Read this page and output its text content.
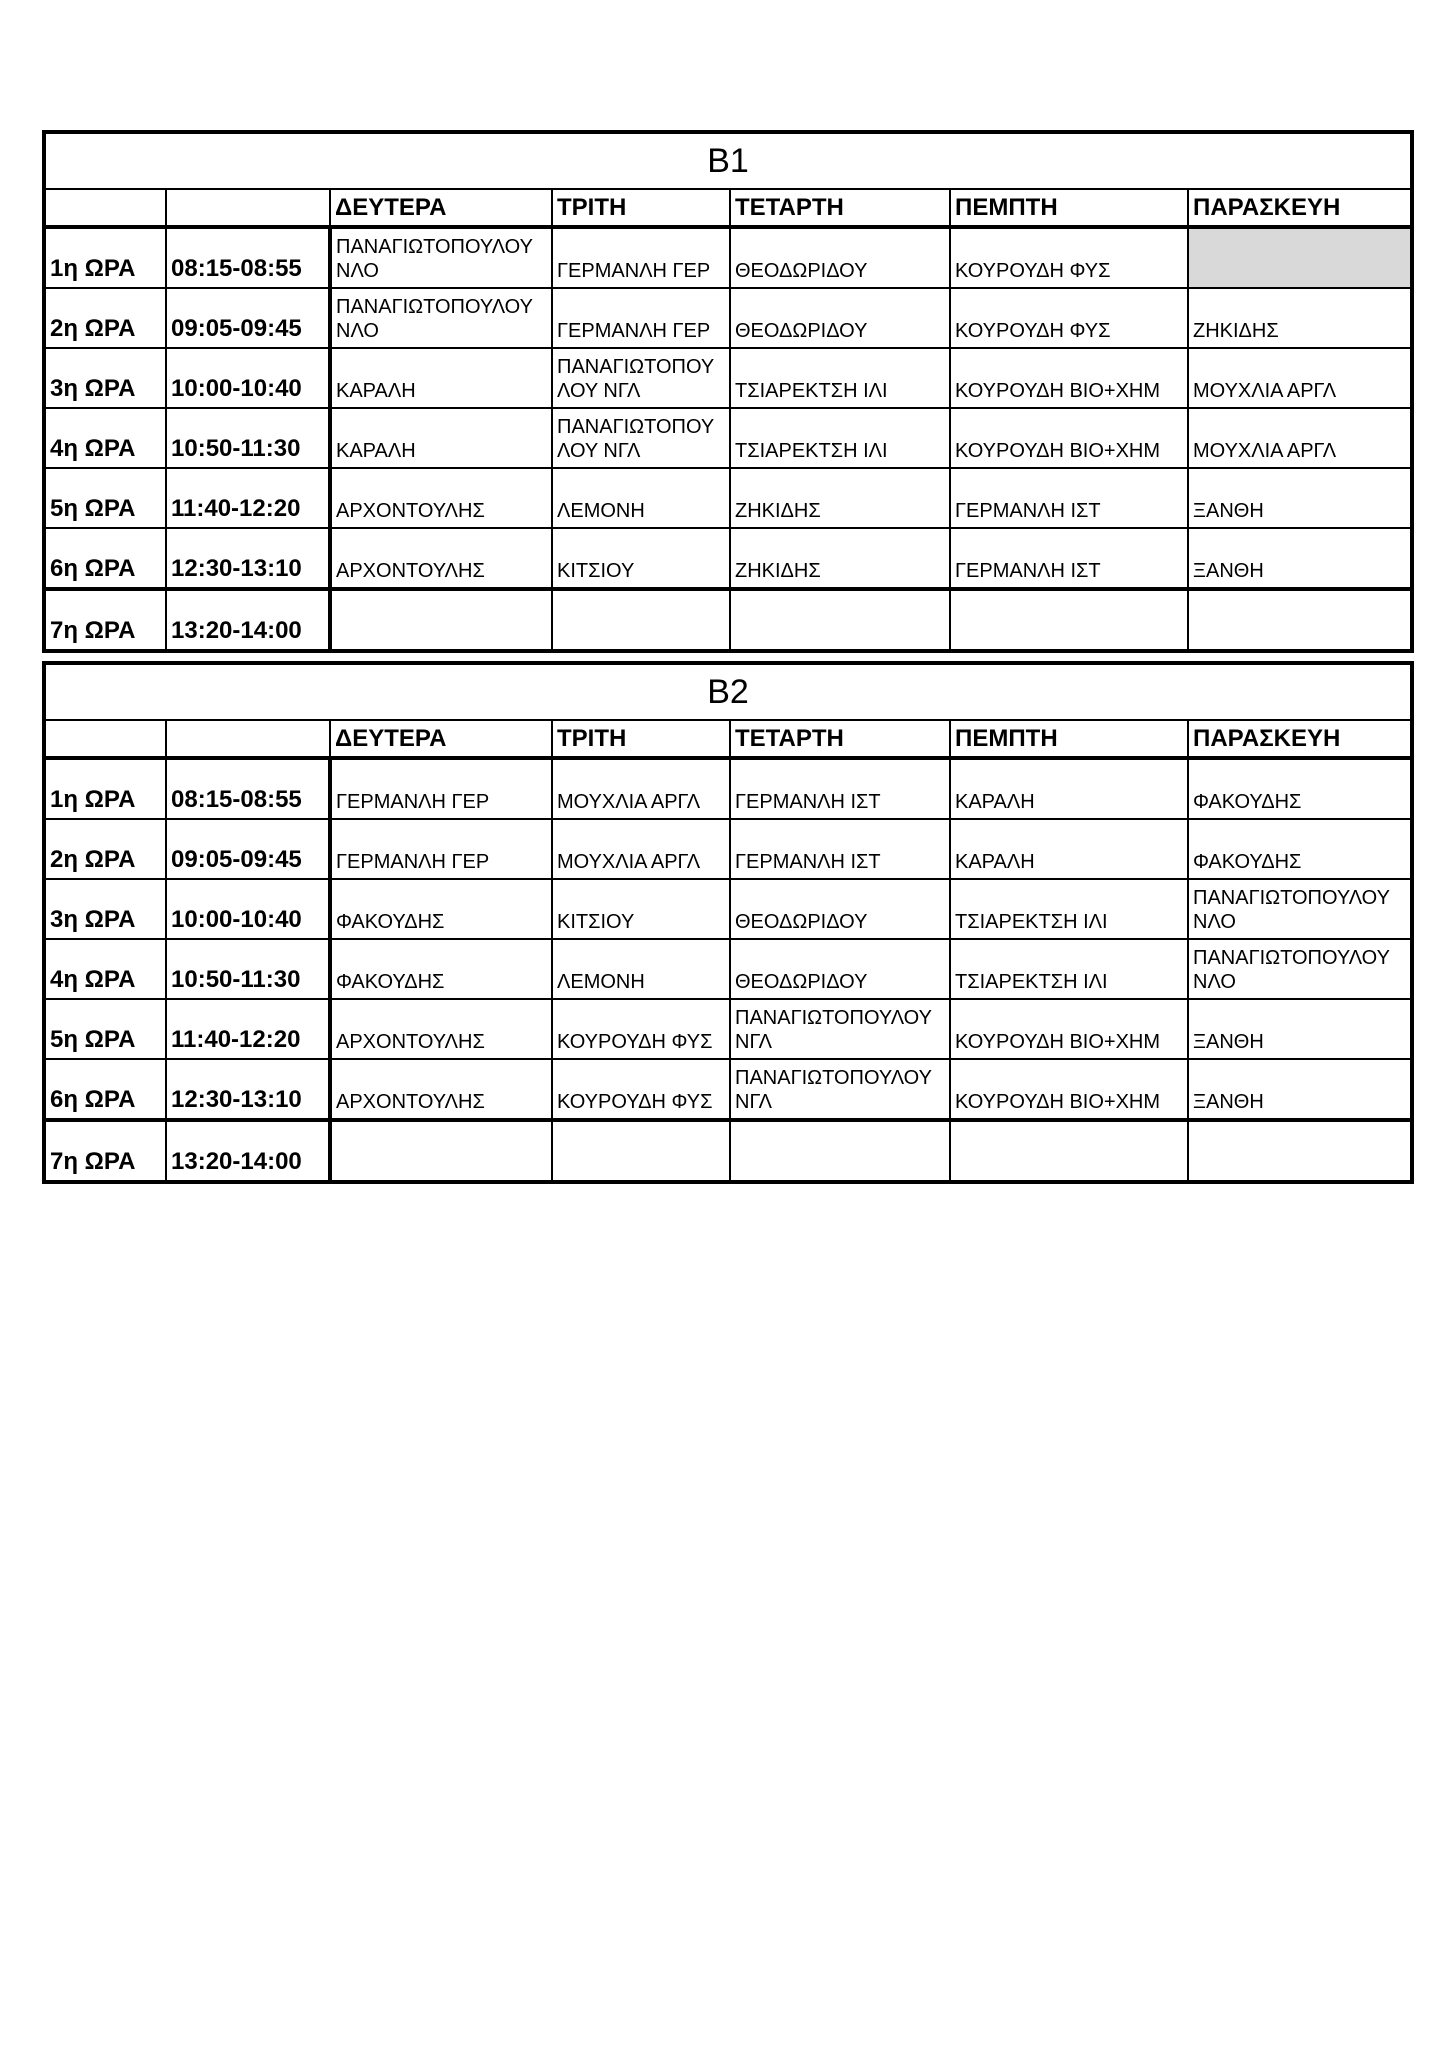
Β1						
		ΔΕΥΤΕΡΑ	ΤΡΙΤΗ	ΤΕΤΑΡΤΗ	ΠΕΜΠΤΗ	ΠΑΡΑΣΚΕΥΗ
1η ΩΡΑ	08:15-08:55	ΠΑΝΑΓΙΩΤΟΠΟΥΛΟΥ ΝΛΟ	ΓΕΡΜΑΝΛΗ ΓΕΡ	ΘΕΟΔΩΡΙΔΟΥ	ΚΟΥΡΟΥΔΗ ΦΥΣ	
2η ΩΡΑ	09:05-09:45	ΠΑΝΑΓΙΩΤΟΠΟΥΛΟΥ ΝΛΟ	ΓΕΡΜΑΝΛΗ ΓΕΡ	ΘΕΟΔΩΡΙΔΟΥ	ΚΟΥΡΟΥΔΗ ΦΥΣ	ΖΗΚΙΔΗΣ
3η ΩΡΑ	10:00-10:40	ΚΑΡΑΛΗ	ΠΑΝΑΓΙΩΤΟΠΟΥ ΛΟΥ ΝΓΛ	ΤΣΙΑΡΕΚΤΣΗ ΙΛΙ	ΚΟΥΡΟΥΔΗ ΒΙΟ+ΧΗΜ	ΜΟΥΧΛΙΑ ΑΡΓΛ
4η ΩΡΑ	10:50-11:30	ΚΑΡΑΛΗ	ΠΑΝΑΓΙΩΤΟΠΟΥ ΛΟΥ ΝΓΛ	ΤΣΙΑΡΕΚΤΣΗ ΙΛΙ	ΚΟΥΡΟΥΔΗ ΒΙΟ+ΧΗΜ	ΜΟΥΧΛΙΑ ΑΡΓΛ
5η ΩΡΑ	11:40-12:20	ΑΡΧΟΝΤΟΥΛΗΣ	ΛΕΜΟΝΗ	ΖΗΚΙΔΗΣ	ΓΕΡΜΑΝΛΗ ΙΣΤ	ΞΑΝΘΗ
6η ΩΡΑ	12:30-13:10	ΑΡΧΟΝΤΟΥΛΗΣ	ΚΙΤΣΙΟΥ	ΖΗΚΙΔΗΣ	ΓΕΡΜΑΝΛΗ ΙΣΤ	ΞΑΝΘΗ
7η ΩΡΑ	13:20-14:00					
Β2						
		ΔΕΥΤΕΡΑ	ΤΡΙΤΗ	ΤΕΤΑΡΤΗ	ΠΕΜΠΤΗ	ΠΑΡΑΣΚΕΥΗ
1η ΩΡΑ	08:15-08:55	ΓΕΡΜΑΝΛΗ ΓΕΡ	ΜΟΥΧΛΙΑ ΑΡΓΛ	ΓΕΡΜΑΝΛΗ ΙΣΤ	ΚΑΡΑΛΗ	ΦΑΚΟΥΔΗΣ
2η ΩΡΑ	09:05-09:45	ΓΕΡΜΑΝΛΗ ΓΕΡ	ΜΟΥΧΛΙΑ ΑΡΓΛ	ΓΕΡΜΑΝΛΗ ΙΣΤ	ΚΑΡΑΛΗ	ΦΑΚΟΥΔΗΣ
3η ΩΡΑ	10:00-10:40	ΦΑΚΟΥΔΗΣ	ΚΙΤΣΙΟΥ	ΘΕΟΔΩΡΙΔΟΥ	ΤΣΙΑΡΕΚΤΣΗ ΙΛΙ	ΠΑΝΑΓΙΩΤΟΠΟΥΛΟΥ ΝΛΟ

4η ΩΡΑ	10:50-11:30	ΦΑΚΟΥΔΗΣ	ΛΕΜΟΝΗ	ΘΕΟΔΩΡΙΔΟΥ	ΤΣΙΑΡΕΚΤΣΗ ΙΛΙ	ΠΑΝΑΓΙΩΤΟΠΟΥΛΟΥ ΝΛΟ

5η ΩΡΑ	11:40-12:20	ΑΡΧΟΝΤΟΥΛΗΣ	ΚΟΥΡΟΥΔΗ ΦΥΣ	ΠΑΝΑΓΙΩΤΟΠΟΥΛΟΥ ΝΓΛ	ΚΟΥΡΟΥΔΗ ΒΙΟ+ΧΗΜ	ΞΑΝΘΗ
6η ΩΡΑ	12:30-13:10	ΑΡΧΟΝΤΟΥΛΗΣ	ΚΟΥΡΟΥΔΗ ΦΥΣ	ΠΑΝΑΓΙΩΤΟΠΟΥΛΟΥ ΝΓΛ	ΚΟΥΡΟΥΔΗ ΒΙΟ+ΧΗΜ	ΞΑΝΘΗ
7η ΩΡΑ	13:20-14:00					
